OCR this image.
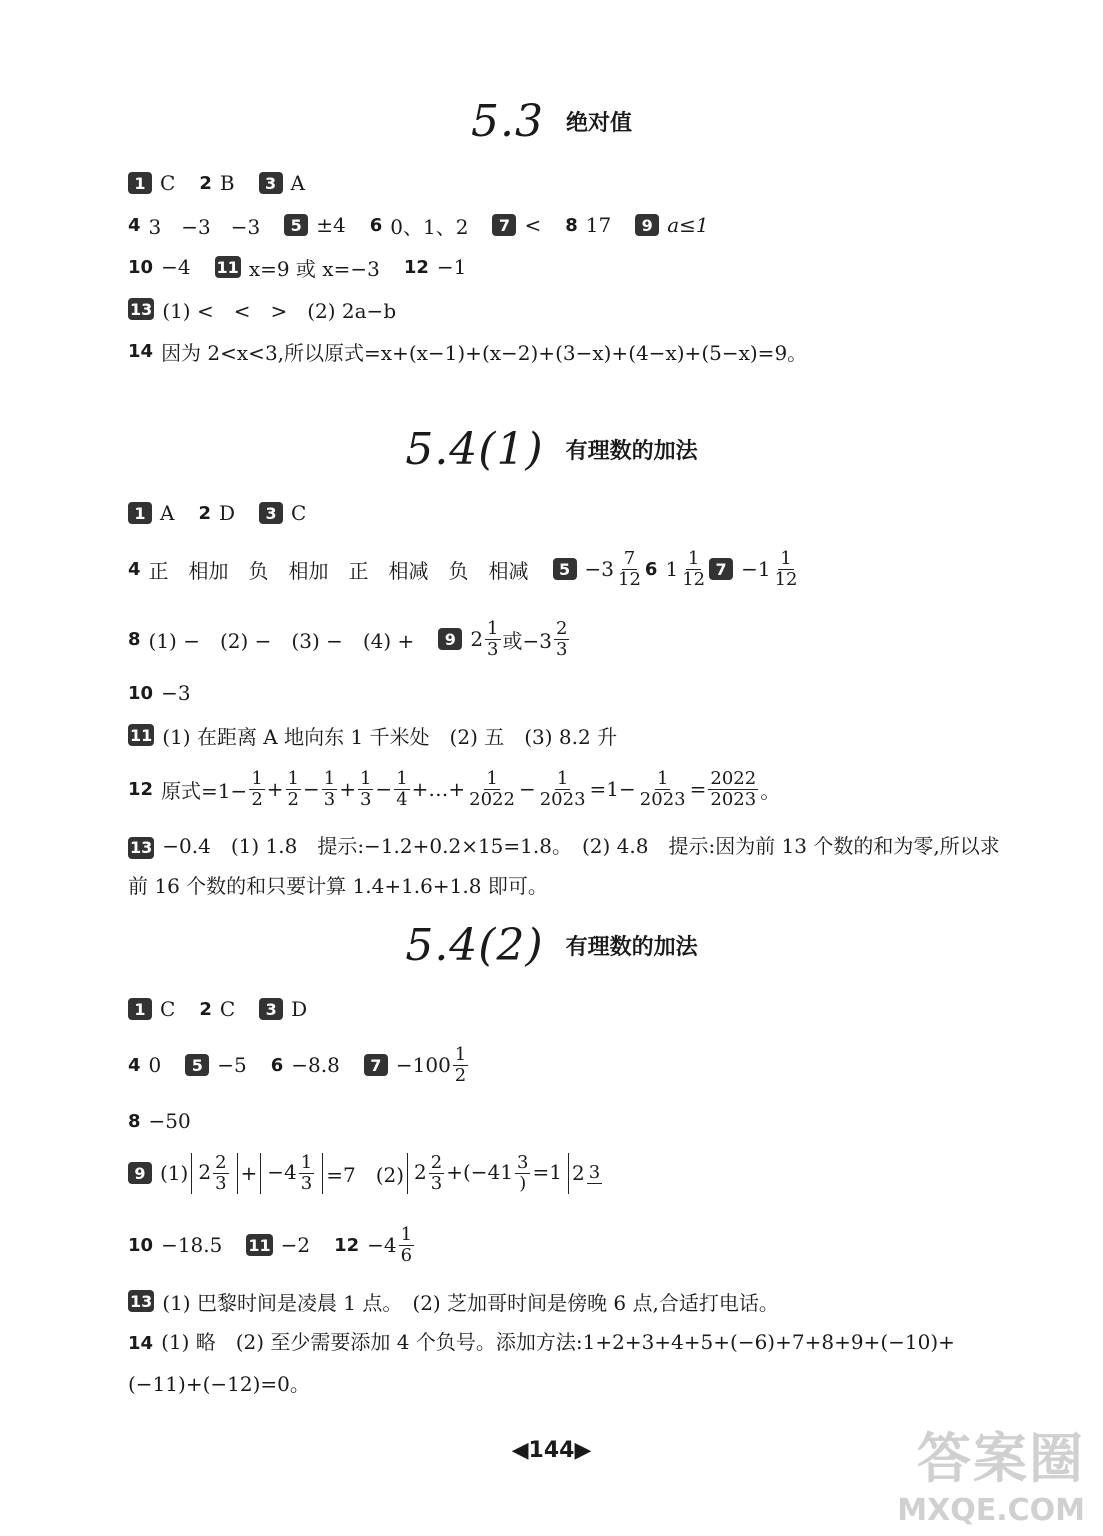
5.3 绝对值
1 C 2 B	3 A
4 3　−3　−3	5 ±4 6 0、1、2	7 < 8 17	9 a≤1
10 −4 11 x=9 或 x=−3 12 −1
13 (1) <　<　>　(2) 2a−b
14 因为 2<x<3,所以原式=x+(x−1)+(x−2)+(3−x)+(4−x)+(5−x)=9。
5.4(1) 有理数的加法
1 A 2 D	3 C
4 正　相加　负　相加　正　相减　负　相减	$5 -3 \frac{7}{12} 6$ $1 \frac{1}{12} 7 -1 \frac{1}{12}$
8 (1) −　(2) −　(3) −　(4) +	9 $2 \frac{1}{3}$ 或$-3 \frac{2}{3}$
10 −3
11 (1) 在距离 A 地向东 1 千米处　(2) 五　(3) 8.2 升
12 原式$=1- \frac{1}{2} + \frac{1}{2} - \frac{1}{3} + \frac{1}{3} - \frac{1}{4}$ +…+ $\frac{1}{2022} - \frac{1}{2023} =1- \frac{1}{2023} = \frac{2022}{2023}$ 。
13 −0.4　(1) 1.8　提示:−1.2+0.2×15=1.8。　(2) 4.8　提示:因为前 13 个数的和为零,所以求前 16 个数的和只要计算 1.4+1.6+1.8 即可。
5.4(2) 有理数的加法
1 C 2 C	3 D
4 0	5 −5 6 −8.8	$7 -100 \frac{1}{2}$
8 −50
9 (1) $2 \frac{2}{3} + -4 \frac{1}{3} =7$　(2) $2 \frac{2}{3} +(-41 \frac{3}{)} =1$ 2 3
10 −18.5 11 −2 $12 -4 \frac{1}{6}$
13 (1) 巴黎时间是凌晨 1 点。　(2) 芝加哥时间是傍晚 6 点,合适打电话。
14 (1) 略　(2) 至少需要添加 4 个负号。添加方法:1+2+3+4+5+(−6)+7+8+9+(−10)+(−11)+(−12)=0。
◀144▶	答案圈
MXQE.COM
